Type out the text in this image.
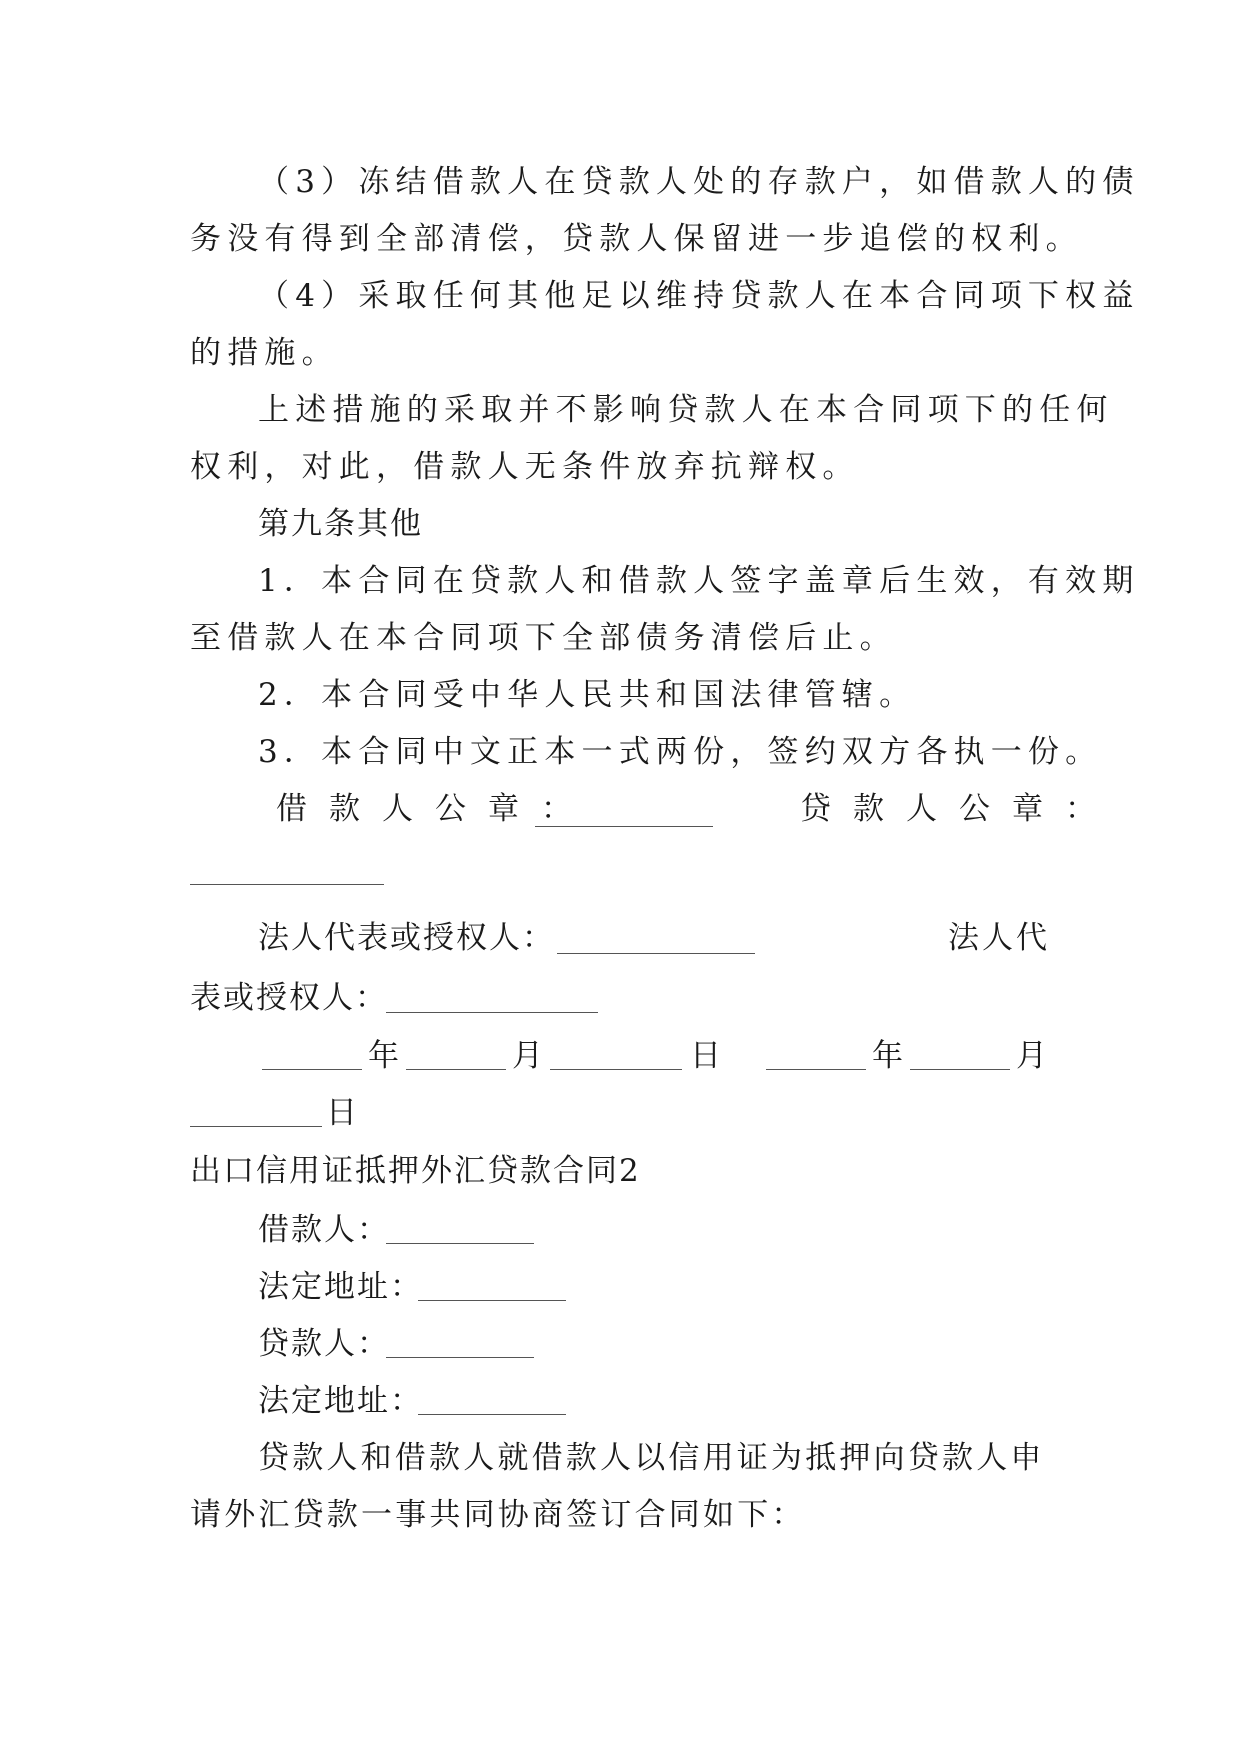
（3）冻结借款人在贷款人处的存款户，如借款人的债
务没有得到全部清偿，贷款人保留进一步追偿的权利。
（4）采取任何其他足以维持贷款人在本合同项下权益
的措施。
上述措施的采取并不影响贷款人在本合同项下的任何
权利，对此，借款人无条件放弃抗辩权。
第九条其他
1．本合同在贷款人和借款人签字盖章后生效，有效期
至借款人在本合同项下全部债务清偿后止。
2．本合同受中华人民共和国法律管辖。
3．本合同中文正本一式两份，签约双方各执一份。
借款人公章：	贷款人公章：
法人代表或授权人：	法人代
表或授权人：
年	月	日	年	月
日
出口信用证抵押外汇贷款合同2
借款人：
法定地址：
贷款人：
法定地址：
贷款人和借款人就借款人以信用证为抵押向贷款人申
请外汇贷款一事共同协商签订合同如下：
